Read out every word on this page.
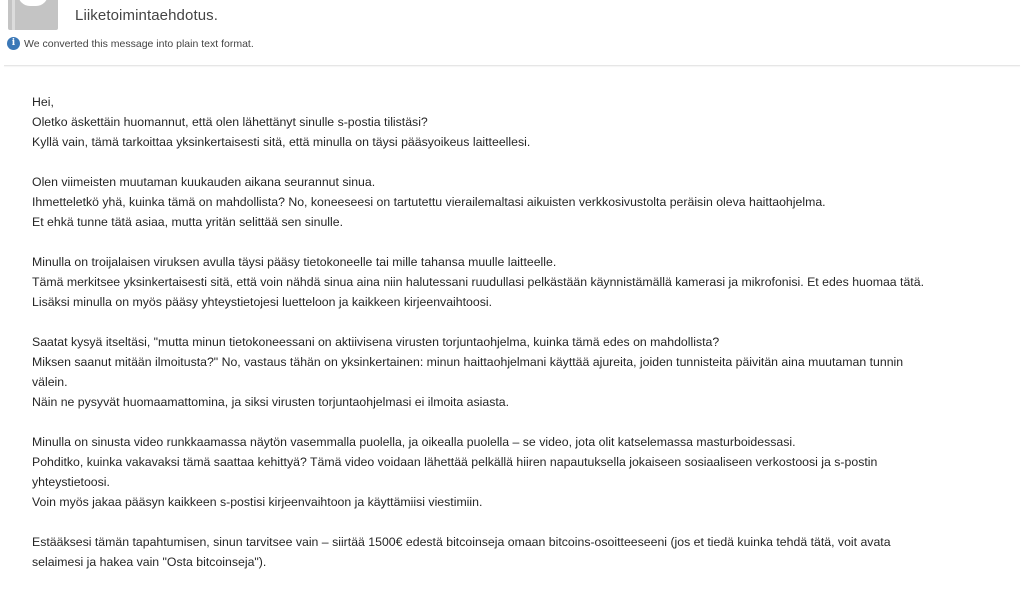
Liiketoimintaehdotus.
i We converted this message into plain text format.
Hei,
Oletko äskettäin huomannut, että olen lähettänyt sinulle s-postia tilistäsi?
Kyllä vain, tämä tarkoittaa yksinkertaisesti sitä, että minulla on täysi pääsyoikeus laitteellesi.
Olen viimeisten muutaman kuukauden aikana seurannut sinua.
Ihmetteletkö yhä, kuinka tämä on mahdollista? No, koneeseesi on tartutettu vierailemaltasi aikuisten verkkosivustolta peräisin oleva haittaohjelma.
Et ehkä tunne tätä asiaa, mutta yritän selittää sen sinulle.
Minulla on troijalaisen viruksen avulla täysi pääsy tietokoneelle tai mille tahansa muulle laitteelle.
Tämä merkitsee yksinkertaisesti sitä, että voin nähdä sinua aina niin halutessani ruudullasi pelkästään käynnistämällä kamerasi ja mikrofonisi. Et edes huomaa tätä.
Lisäksi minulla on myös pääsy yhteystietojesi luetteloon ja kaikkeen kirjeenvaihtoosi.
Saatat kysyä itseltäsi, "mutta minun tietokoneessani on aktiivisena virusten torjuntaohjelma, kuinka tämä edes on mahdollista?
Miksen saanut mitään ilmoitusta?" No, vastaus tähän on yksinkertainen: minun haittaohjelmani käyttää ajureita, joiden tunnisteita päivitän aina muutaman tunnin
välein.
Näin ne pysyvät huomaamattomina, ja siksi virusten torjuntaohjelmasi ei ilmoita asiasta.
Minulla on sinusta video runkkaamassa näytön vasemmalla puolella, ja oikealla puolella – se video, jota olit katselemassa masturboidessasi.
Pohditko, kuinka vakavaksi tämä saattaa kehittyä? Tämä video voidaan lähettää pelkällä hiiren napautuksella jokaiseen sosiaaliseen verkostoosi ja s-postin
yhteystietoosi.
Voin myös jakaa pääsyn kaikkeen s-postisi kirjeenvaihtoon ja käyttämiisi viestimiin.
Estääksesi tämän tapahtumisen, sinun tarvitsee vain – siirtää 1500€ edestä bitcoinseja omaan bitcoins-osoitteeseeni (jos et tiedä kuinka tehdä tätä, voit avata
selaimesi ja hakea vain "Osta bitcoinseja").
